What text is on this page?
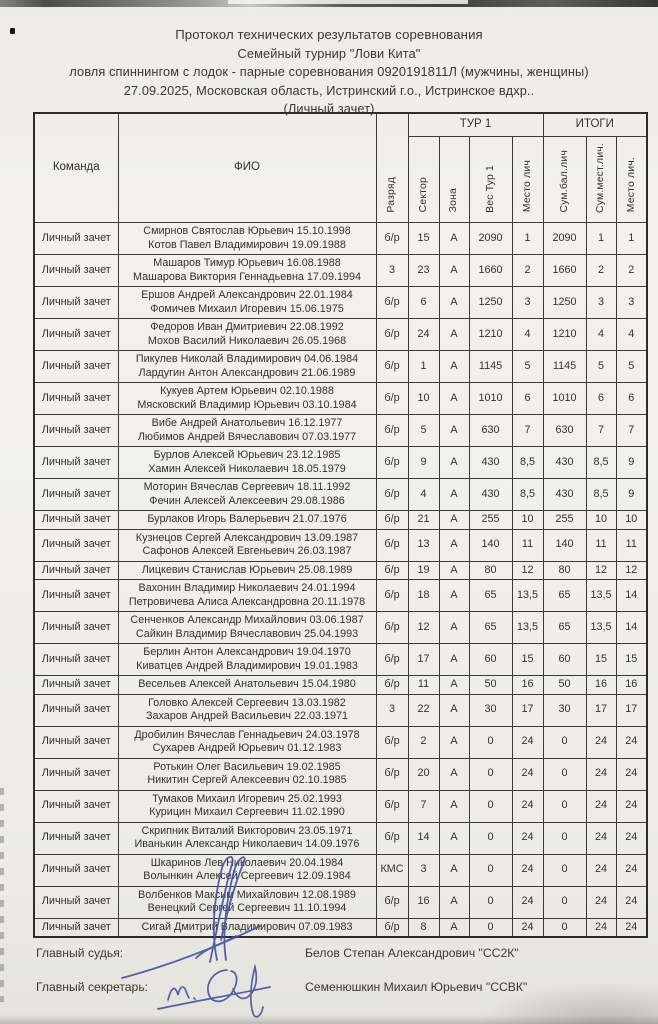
Протокол технических результатов соревнования
Семейный турнир "Лови Кита"
ловля спиннингом с лодок - парные соревнования 0920191811Л (мужчины, женщины)
27.09.2025, Московская область, Истринский г.о., Истринское вдхр..
(Личный зачет)
Команда	ФИО	Разряд	ТУР 1				ИТОГИ		
			Сектор	Зона	Вес Тур 1	Место лич	Сум.бал.лич	Сум.мест.лич.	Место лич.
Личный зачет	Смирнов Святослав Юрьевич 15.10.1998
Котов Павел Владимирович 19.09.1988	б/р	15	А	2090	1	2090	1	1
Личный зачет	Машаров Тимур Юрьевич 16.08.1988
Машарова Виктория Геннадьевна 17.09.1994	3	23	А	1660	2	1660	2	2
Личный зачет	Ершов Андрей Александрович 22.01.1984
Фомичев Михаил Игоревич 15.06.1975	б/р	6	А	1250	3	1250	3	3
Личный зачет	Федоров Иван Дмитриевич 22.08.1992
Мохов Василий Николаевич 26.05.1968	б/р	24	А	1210	4	1210	4	4
Личный зачет	Пикулев Николай Владимирович 04.06.1984
Лардугин Антон Александрович 21.06.1989	б/р	1	А	1145	5	1145	5	5
Личный зачет	Кукуев Артем Юрьевич 02.10.1988
Мясковский Владимир Юрьевич 03.10.1984	б/р	10	А	1010	6	1010	6	6
Личный зачет	Вибе Андрей Анатольевич 16.12.1977
Любимов Андрей Вячеславович 07.03.1977	б/р	5	А	630	7	630	7	7
Личный зачет	Бурлов Алексей Юрьевич 23.12.1985
Хамин Алексей Николаевич 18.05.1979	б/р	9	А	430	8,5	430	8,5	9
Личный зачет	Моторин Вячеслав Сергеевич 18.11.1992
Фечин Алексей Алексеевич 29.08.1986	б/р	4	А	430	8,5	430	8,5	9
Личный зачет	Бурлаков Игорь Валерьевич 21.07.1976	б/р	21	А	255	10	255	10	10
Личный зачет	Кузнецов Сергей Александрович 13.09.1987
Сафонов Алексей Евгеньевич 26.03.1987	б/р	13	А	140	11	140	11	11
Личный зачет	Лицкевич Станислав Юрьевич 25.08.1989	б/р	19	А	80	12	80	12	12
Личный зачет	Вахонин Владимир Николаевич 24.01.1994
Петровичева Алиса Александровна 20.11.1978	б/р	18	А	65	13,5	65	13,5	14
Личный зачет	Сенченков Александр Михайлович 03.06.1987
Сайкин Владимир Вячеславович 25.04.1993	б/р	12	А	65	13,5	65	13,5	14
Личный зачет	Берлин Антон Александрович 19.04.1970
Киватцев Андрей Владимирович 19.01.1983	б/р	17	А	60	15	60	15	15
Личный зачет	Весельев Алексей Анатольевич 15.04.1980	б/р	11	А	50	16	50	16	16
Личный зачет	Головко Алексей Сергеевич 13.03.1982
Захаров Андрей Васильевич 22.03.1971	3	22	А	30	17	30	17	17
Личный зачет	Дробилин Вячеслав Геннадьевич 24.03.1978
Сухарев Андрей Юрьевич 01.12.1983	б/р	2	А	0	24	0	24	24
Личный зачет	Ротькин Олег Васильевич 19.02.1985
Никитин Сергей Алексеевич 02.10.1985	б/р	20	А	0	24	0	24	24
Личный зачет	Тумаков Михаил Игоревич 25.02.1993
Курицин Михаил Сергеевич 11.02.1990	б/р	7	А	0	24	0	24	24
Личный зачет	Скрипник Виталий Викторович 23.05.1971
Иванькин Александр Николаевич 14.09.1976	б/р	14	А	0	24	0	24	24
Личный зачет	Шкаринов Лев Николаевич 20.04.1984
Волынкин Алексей Сергеевич 12.09.1984	КМС	3	А	0	24	0	24	24
Личный зачет	Волбенков Максим Михайлович 12.08.1989
Венецкий Сергей Сергеевич 11.10.1994	б/р	16	А	0	24	0	24	24
Личный зачет	Сигай Дмитрий Владимирович 07.09.1983	б/р	8	А	0	24	0	24	24
Главный судья:	Белов Степан Александрович "СС2К"
Главный секретарь:	Семенюшкин Михаил Юрьевич "ССВК"
